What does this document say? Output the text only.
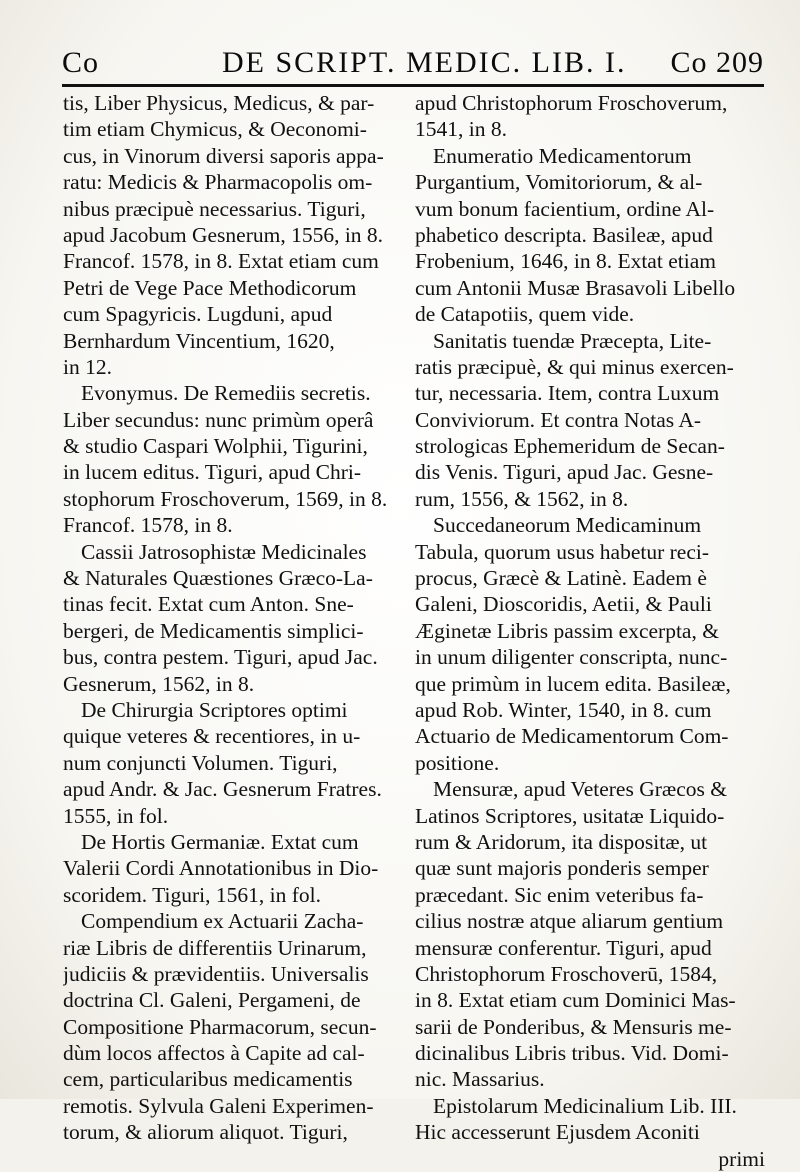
Co	DE SCRIPT. MEDIC. LIB. I. Co 209
tis, Liber Physicus, Medicus, & par-
tim etiam Chymicus, & Oeconomi-
cus, in Vinorum diversi saporis appa-
ratu: Medicis & Pharmacopolis om-
nibus præcipuè necessarius. Tiguri,
apud Jacobum Gesnerum, 1556, in 8.
Francof. 1578, in 8. Extat etiam cum
Petri de Vege Pace Methodicorum
cum Spagyricis. Lugduni, apud
Bernhardum Vincentium, 1620,
in 12.
Evonymus. De Remediis secretis.
Liber secundus: nunc primùm operâ
& studio Caspari Wolphii, Tigurini,
in lucem editus. Tiguri, apud Chri-
stophorum Froschoverum, 1569, in 8.
Francof. 1578, in 8.
Cassii Jatrosophistæ Medicinales
& Naturales Quæstiones Græco-La-
tinas fecit. Extat cum Anton. Sne-
bergeri, de Medicamentis simplici-
bus, contra pestem. Tiguri, apud Jac.
Gesnerum, 1562, in 8.
De Chirurgia Scriptores optimi
quique veteres & recentiores, in u-
num conjuncti Volumen. Tiguri,
apud Andr. & Jac. Gesnerum Fratres.
1555, in fol.
De Hortis Germaniæ. Extat cum
Valerii Cordi Annotationibus in Dio-
scoridem. Tiguri, 1561, in fol.
Compendium ex Actuarii Zacha-
riæ Libris de differentiis Urinarum,
judiciis & prævidentiis. Universalis
doctrina Cl. Galeni, Pergameni, de
Compositione Pharmacorum, secun-
dùm locos affectos à Capite ad cal-
cem, particularibus medicamentis
remotis. Sylvula Galeni Experimen-
torum, & aliorum aliquot. Tiguri,
apud Christophorum Froschoverum,
1541, in 8.
Enumeratio Medicamentorum
Purgantium, Vomitoriorum, & al-
vum bonum facientium, ordine Al-
phabetico descripta. Basileæ, apud
Frobenium, 1646, in 8. Extat etiam
cum Antonii Musæ Brasavoli Libello
de Catapotiis, quem vide.
Sanitatis tuendæ Præcepta, Lite-
ratis præcipuè, & qui minus exercen-
tur, necessaria. Item, contra Luxum
Conviviorum. Et contra Notas A-
strologicas Ephemeridum de Secan-
dis Venis. Tiguri, apud Jac. Gesne-
rum, 1556, & 1562, in 8.
Succedaneorum Medicaminum
Tabula, quorum usus habetur reci-
procus, Græcè & Latinè. Eadem è
Galeni, Dioscoridis, Aetii, & Pauli
Æginetæ Libris passim excerpta, &
in unum diligenter conscripta, nunc-
que primùm in lucem edita. Basileæ,
apud Rob. Winter, 1540, in 8. cum
Actuario de Medicamentorum Com-
positione.
Mensuræ, apud Veteres Græcos &
Latinos Scriptores, usitatæ Liquido-
rum & Aridorum, ita dispositæ, ut
quæ sunt majoris ponderis semper
præcedant. Sic enim veteribus fa-
cilius nostræ atque aliarum gentium
mensuræ conferentur. Tiguri, apud
Christophorum Froschoverū, 1584,
in 8. Extat etiam cum Dominici Mas-
sarii de Ponderibus, & Mensuris me-
dicinalibus Libris tribus. Vid. Domi-
nic. Massarius.
Epistolarum Medicinalium Lib. III.
Hic accesserunt Ejusdem Aconiti
primi
